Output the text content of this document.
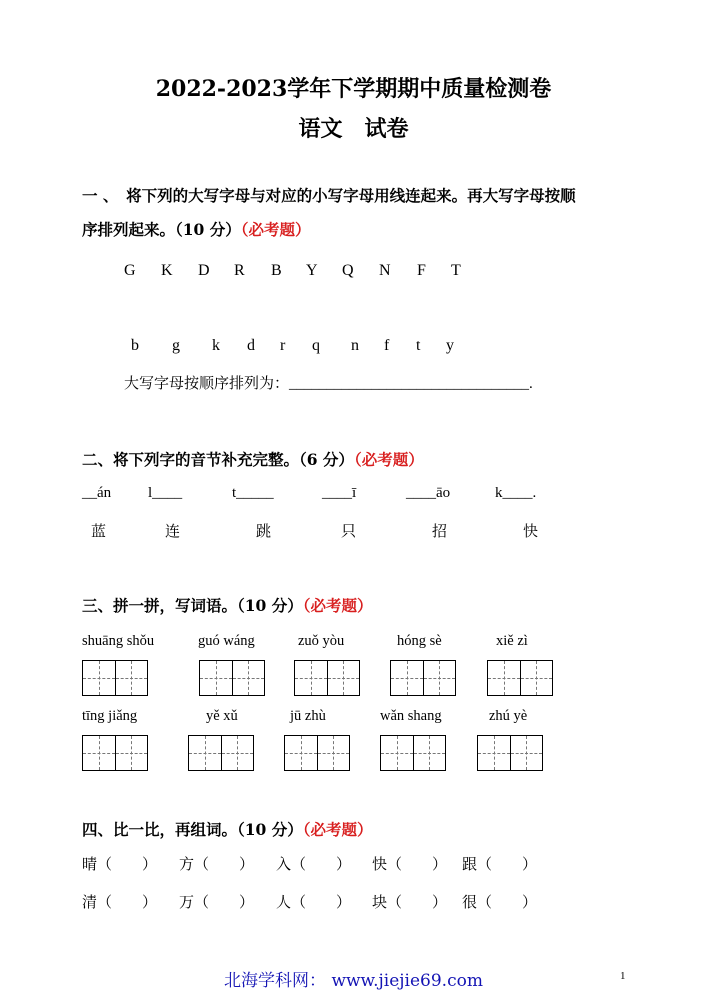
2022-2023学年下学期期中质量检测卷
语文　试卷
一 、　将下列的大写字母与对应的小写字母用线连起来。再大写字母按顺
序排列起来。（10 分）（必考题）
G K D R B Y Q N F T
b g k d r q n f t y
大写字母按顺序排列为：________________________________.
二、将下列字的音节补充完整。（6 分）（必考题）
__án l____	t_____	____ī	____āo	k____.
蓝	连	跳	只	招	快
三、拼一拼，写词语。（10 分）（必考题）
shuāng shǒu	guó wáng	zuǒ yòu	hóng sè	xiě zì
tīng jiǎng	yě xǔ	jū zhù	wǎn shang	zhú yè
四、比一比，再组词。（10 分）（必考题）
晴（　　） 方（　　） 入（　　） 快（　　） 跟（　　）
清（　　） 万（　　） 人（　　） 块（　　） 很（　　）
北海学科网： www.jiejie69.com	1
